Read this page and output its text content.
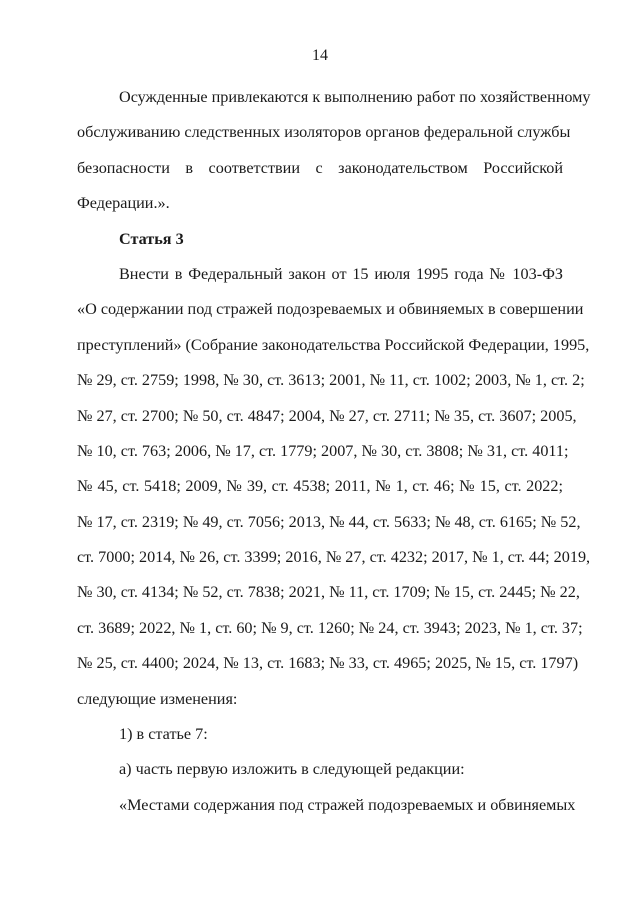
14
Осужденные привлекаются к выполнению работ по хозяйственному
обслуживанию следственных изоляторов органов федеральной службы
безопасности в соответствии с законодательством Российской
Федерации.».
Статья 3
Внести в Федеральный закон от 15 июля 1995 года № 103-ФЗ
«О содержании под стражей подозреваемых и обвиняемых в совершении
преступлений» (Собрание законодательства Российской Федерации, 1995,
№ 29, ст. 2759; 1998, № 30, ст. 3613; 2001, № 11, ст. 1002; 2003, № 1, ст. 2;
№ 27, ст. 2700; № 50, ст. 4847; 2004, № 27, ст. 2711; № 35, ст. 3607; 2005,
№ 10, ст. 763; 2006, № 17, ст. 1779; 2007, № 30, ст. 3808; № 31, ст. 4011;
№ 45, ст. 5418; 2009, № 39, ст. 4538; 2011, № 1, ст. 46; № 15, ст. 2022;
№ 17, ст. 2319; № 49, ст. 7056; 2013, № 44, ст. 5633; № 48, ст. 6165; № 52,
ст. 7000; 2014, № 26, ст. 3399; 2016, № 27, ст. 4232; 2017, № 1, ст. 44; 2019,
№ 30, ст. 4134; № 52, ст. 7838; 2021, № 11, ст. 1709; № 15, ст. 2445; № 22,
ст. 3689; 2022, № 1, ст. 60; № 9, ст. 1260; № 24, ст. 3943; 2023, № 1, ст. 37;
№ 25, ст. 4400; 2024, № 13, ст. 1683; № 33, ст. 4965; 2025, № 15, ст. 1797)
следующие изменения:
1) в статье 7:
а) часть первую изложить в следующей редакции:
«Местами содержания под стражей подозреваемых и обвиняемых
